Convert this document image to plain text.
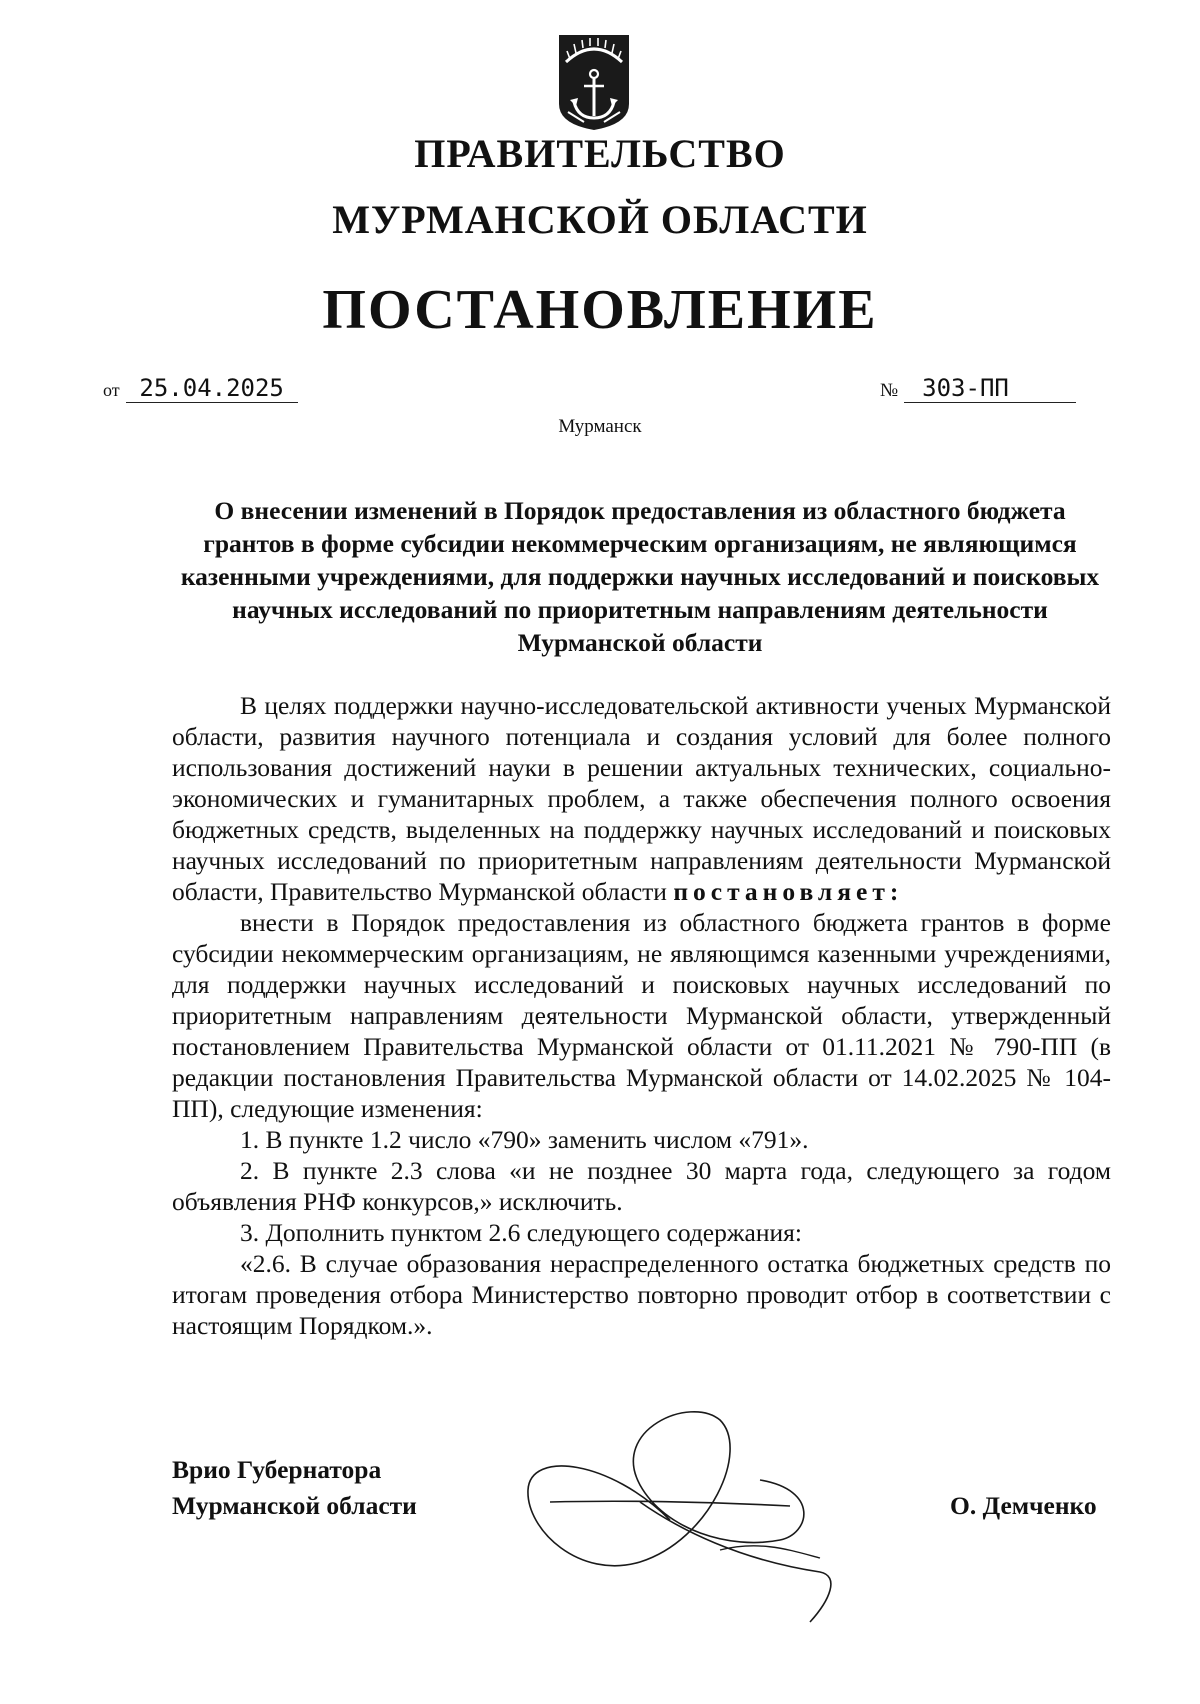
ПРАВИТЕЛЬСТВО
МУРМАНСКОЙ ОБЛАСТИ
ПОСТАНОВЛЕНИЕ
от 25.04.2025	№ 303-ПП
Мурманск
О внесении изменений в Порядок предоставления из областного бюджета грантов в форме субсидии некоммерческим организациям, не являющимся казенными учреждениями, для поддержки научных исследований и поисковых научных исследований по приоритетным направлениям деятельности Мурманской области

В целях поддержки научно-исследовательской активности ученых Мурманской области, развития научного потенциала и создания условий для более полного использования достижений науки в решении актуальных технических, социально-экономических и гуманитарных проблем, а также обеспечения полного освоения бюджетных средств, выделенных на поддержку научных исследований и поисковых научных исследований по приоритетным направлениям деятельности Мурманской области, Правительство Мурманской области постановляет:

внести в Порядок предоставления из областного бюджета грантов в форме субсидии некоммерческим организациям, не являющимся казенными учреждениями, для поддержки научных исследований и поисковых научных исследований по приоритетным направлениям деятельности Мурманской области, утвержденный постановлением Правительства Мурманской области от 01.11.2021 № 790-ПП (в редакции постановления Правительства Мурманской области от 14.02.2025 № 104-ПП), следующие изменения:

1. В пункте 1.2 число «790» заменить числом «791».

2. В пункте 2.3 слова «и не позднее 30 марта года, следующего за годом объявления РНФ конкурсов,» исключить.

3. Дополнить пунктом 2.6 следующего содержания:

«2.6. В случае образования нераспределенного остатка бюджетных средств по итогам проведения отбора Министерство повторно проводит отбор в соответствии с настоящим Порядком.».

Врио Губернатора
Мурманской области	О. Демченко
